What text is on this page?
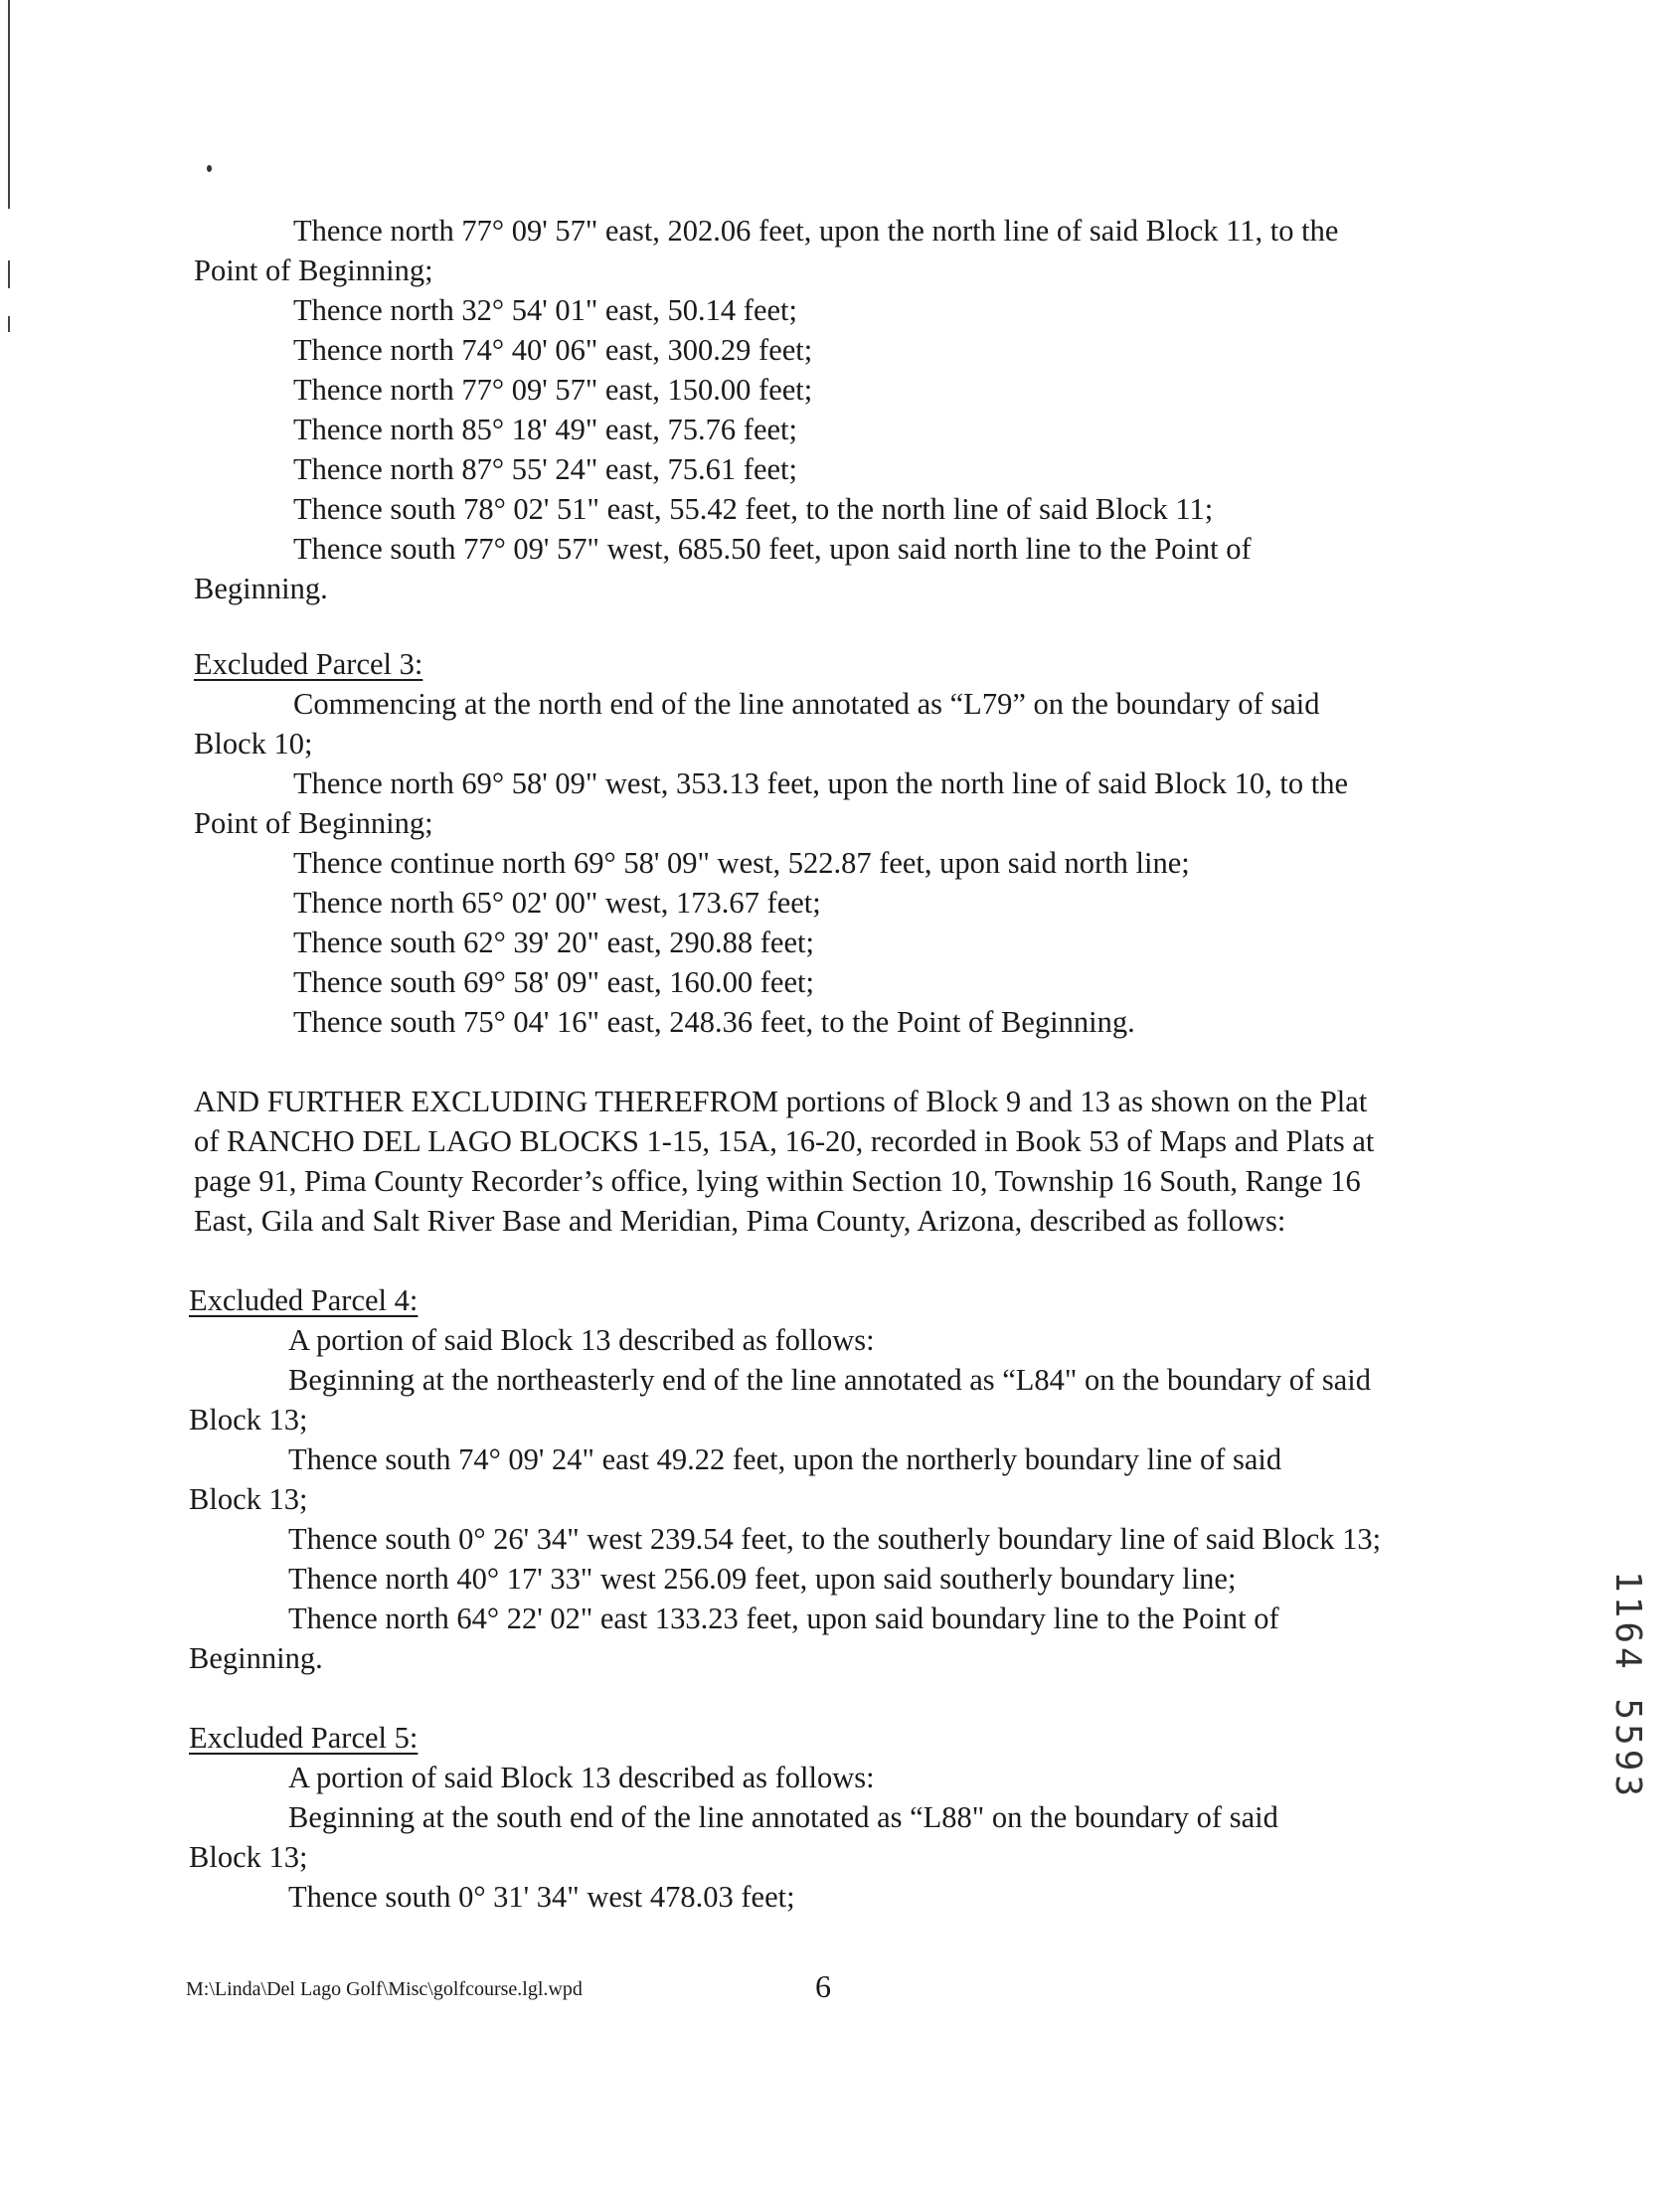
Thence north 77° 09' 57" east, 202.06 feet, upon the north line of said Block 11, to the
Point of Beginning;
Thence north 32° 54' 01" east, 50.14 feet;
Thence north 74° 40' 06" east, 300.29 feet;
Thence north 77° 09' 57" east, 150.00 feet;
Thence north 85° 18' 49" east, 75.76 feet;
Thence north 87° 55' 24" east, 75.61 feet;
Thence south 78° 02' 51" east, 55.42 feet, to the north line of said Block 11;
Thence south 77° 09' 57" west, 685.50 feet, upon said north line to the Point of
Beginning.
Excluded Parcel 3:
Commencing at the north end of the line annotated as “L79” on the boundary of said
Block 10;
Thence north 69° 58' 09" west, 353.13 feet, upon the north line of said Block 10, to the
Point of Beginning;
Thence continue north 69° 58' 09" west, 522.87 feet, upon said north line;
Thence north 65° 02' 00" west, 173.67 feet;
Thence south 62° 39' 20" east, 290.88 feet;
Thence south 69° 58' 09" east, 160.00 feet;
Thence south 75° 04' 16" east, 248.36 feet, to the Point of Beginning.
AND FURTHER EXCLUDING THEREFROM portions of Block 9 and 13 as shown on the Plat
of RANCHO DEL LAGO BLOCKS 1-15, 15A, 16-20, recorded in Book 53 of Maps and Plats at
page 91, Pima County Recorder’s office, lying within Section 10, Township 16 South, Range 16
East, Gila and Salt River Base and Meridian, Pima County, Arizona, described as follows:
Excluded Parcel 4:
A portion of said Block 13 described as follows:
Beginning at the northeasterly end of the line annotated as “L84" on the boundary of said
Block 13;
Thence south 74° 09' 24" east 49.22 feet, upon the northerly boundary line of said
Block 13;
Thence south 0° 26' 34" west 239.54 feet, to the southerly boundary line of said Block 13;
Thence north 40° 17' 33" west 256.09 feet, upon said southerly boundary line;
Thence north 64° 22' 02" east 133.23 feet, upon said boundary line to the Point of
Beginning.
Excluded Parcel 5:
A portion of said Block 13 described as follows:
Beginning at the south end of the line annotated as “L88" on the boundary of said
Block 13;
Thence south 0° 31' 34" west 478.03 feet;
M:\Linda\Del Lago Golf\Misc\golfcourse.lgl.wpd	6
1164 5593
